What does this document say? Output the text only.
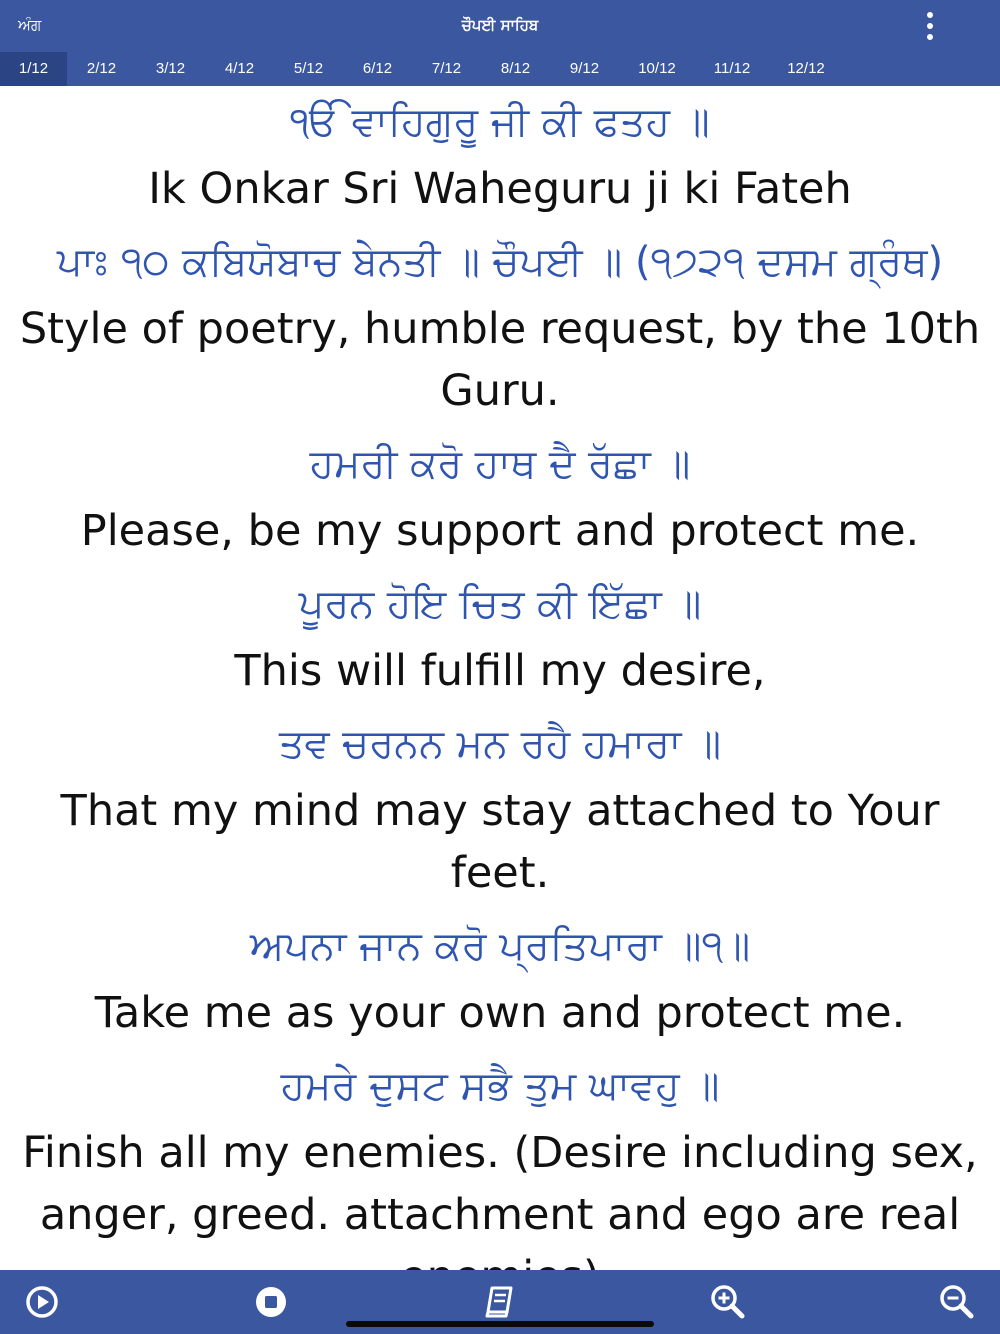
ਅੰਗ	ਚੌਪਈ ਸਾਹਿਬ
1/12	2/12	3/12	4/12	5/12	6/12	7/12	8/12	9/12	10/12	11/12	12/12
ੴ ਵਾਹਿਗੁਰੂ ਜੀ ਕੀ ਫਤਹ ॥
Ik Onkar Sri Waheguru ji ki Fateh
ਪਾਃ ੧੦ ਕਬਿਯੋਬਾਚ ਬੇਨਤੀ ॥ ਚੌਪਈ ॥ (੧੭੨੧ ਦਸਮ ਗ੍ਰੰਥ)
Style of poetry, humble request, by the 10th Guru.
ਹਮਰੀ ਕਰੋ ਹਾਥ ਦੈ ਰੱਛਾ ॥
Please, be my support and protect me.
ਪੂਰਨ ਹੋਇ ਚਿਤ ਕੀ ਇੱਛਾ ॥
This will fulfill my desire,
ਤਵ ਚਰਨਨ ਮਨ ਰਹੈ ਹਮਾਰਾ ॥
That my mind may stay attached to Your feet.
ਅਪਨਾ ਜਾਨ ਕਰੋ ਪ੍ਰਤਿਪਾਰਾ ॥੧॥
Take me as your own and protect me.
ਹਮਰੇ ਦੁਸਟ ਸਭੈ ਤੁਮ ਘਾਵਹੁ ॥
Finish all my enemies. (Desire including sex, anger, greed. attachment and ego are real
